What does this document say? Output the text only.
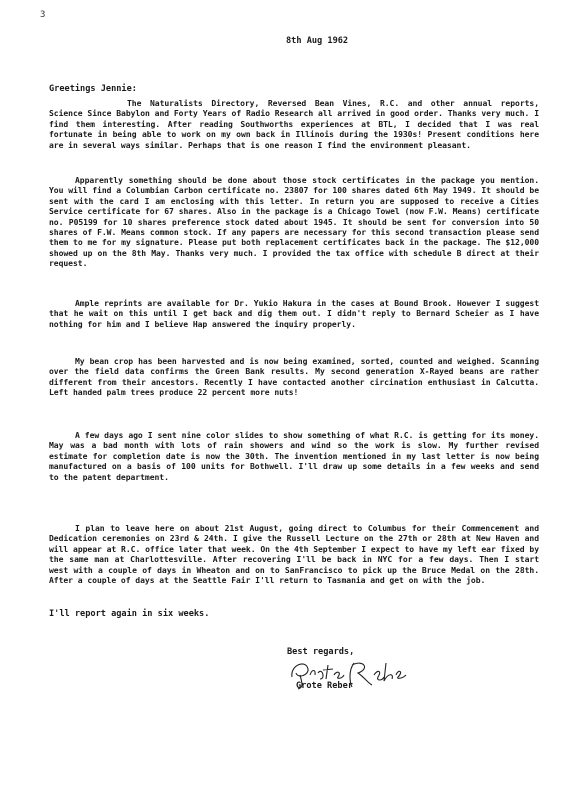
3
8th Aug 1962
Greetings Jennie:

The Naturalists Directory, Reversed Bean Vines, R.C. and other annual reports, Science Since Babylon and Forty Years of Radio Research all arrived in good order. Thanks very much. I find them interesting. After reading Southworths experiences at BTL, I decided that I was real fortunate in being able to work on my own back in Illinois during the 1930s! Present conditions here are in several ways similar. Perhaps that is one reason I find the environment pleasant.

Apparently something should be done about those stock certificates in the package you mention. You will find a Columbian Carbon certificate no. 23807 for 100 shares dated 6th May 1949. It should be sent with the card I am enclosing with this letter. In return you are supposed to receive a Cities Service certificate for 67 shares. Also in the package is a Chicago Towel (now F.W. Means) certificate no. P05199 for 10 shares preference stock dated about 1945. It should be sent for conversion into 50 shares of F.W. Means common stock. If any papers are necessary for this second transaction please send them to me for my signature. Please put both replacement certificates back in the package. The $12,000 showed up on the 8th May. Thanks very much. I provided the tax office with schedule B direct at their request.

Ample reprints are available for Dr. Yukio Hakura in the cases at Bound Brook. However I suggest that he wait on this until I get back and dig them out. I didn't reply to Bernard Scheier as I have nothing for him and I believe Hap answered the inquiry properly.

My bean crop has been harvested and is now being examined, sorted, counted and weighed. Scanning over the field data confirms the Green Bank results. My second generation X-Rayed beans are rather different from their ancestors. Recently I have contacted another circination enthusiast in Calcutta. Left handed palm trees produce 22 percent more nuts!

A few days ago I sent nine color slides to show something of what R.C. is getting for its money. May was a bad month with lots of rain showers and wind so the work is slow. My further revised estimate for completion date is now the 30th. The invention mentioned in my last letter is now being manufactured on a basis of 100 units for Bothwell. I'll draw up some details in a few weeks and send to the patent department.

I plan to leave here on about 21st August, going direct to Columbus for their Commencement and Dedication ceremonies on 23rd & 24th. I give the Russell Lecture on the 27th or 28th at New Haven and will appear at R.C. office later that week. On the 4th September I expect to have my left ear fixed by the same man at Charlottesville. After recovering I'll be back in NYC for a few days. Then I start west with a couple of days in Wheaton and on to SanFrancisco to pick up the Bruce Medal on the 28th. After a couple of days at the Seattle Fair I'll return to Tasmania and get on with the job.

I'll report again in six weeks.
Best regards,
Grote Reber
